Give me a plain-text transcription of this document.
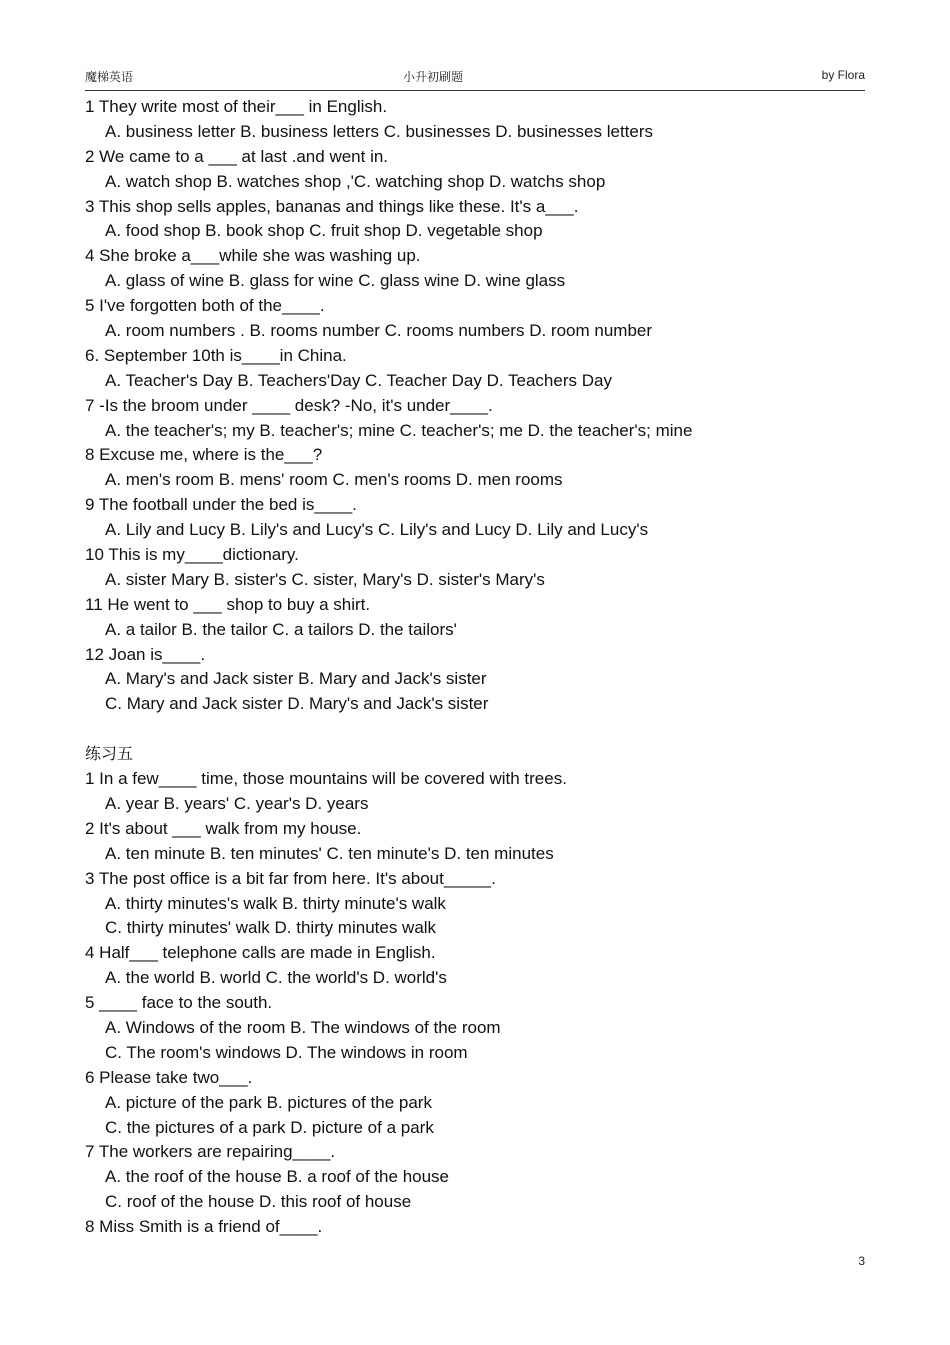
魔梯英语	小升初刷题	by Flora
1 They write most of their___ in English.
A. business letter B. business letters C. businesses D. businesses letters
2 We came to a ___ at last .and went in.
A. watch shop B. watches shop ,'C. watching shop D. watchs shop
3 This shop sells apples, bananas and things like these. It's a___.
A. food shop B. book shop C. fruit shop D. vegetable shop
4 She broke a___while she was washing up.
A. glass of wine B. glass for wine C. glass wine D. wine glass
5 I've forgotten both of the____.
A. room numbers . B. rooms number C. rooms numbers D. room number
6. September 10th is____in China.
A. Teacher's Day B. Teachers'Day C. Teacher Day D. Teachers Day
7 -Is the broom under ____ desk? -No, it's under____.
A. the teacher's; my B. teacher's; mine C. teacher's; me D. the teacher's; mine
8 Excuse me, where is the___?
A. men's room B. mens' room C. men's rooms D. men rooms
9 The football under the bed is____.
A. Lily and Lucy B. Lily's and Lucy's C. Lily's and Lucy D. Lily and Lucy's
10 This is my____dictionary.
A. sister Mary B. sister's C. sister, Mary's D. sister's Mary's
11 He went to ___ shop to buy a shirt.
A. a tailor B. the tailor C. a tailors D. the tailors'
12 Joan is____.
A. Mary's and Jack sister B. Mary and Jack's sister
C. Mary and Jack sister D. Mary's and Jack's sister
练习五
1 In a few____ time, those mountains will be covered with trees.
A. year B. years' C. year's D. years
2 It's about ___ walk from my house.
A. ten minute B. ten minutes' C. ten minute's D. ten minutes
3 The post office is a bit far from here. It's about_____.
A. thirty minutes's walk B. thirty minute's walk
C. thirty minutes' walk D. thirty minutes walk
4 Half___ telephone calls are made in English.
A. the world B. world C. the world's D. world's
5 ____ face to the south.
A. Windows of the room B. The windows of the room
C. The room's windows D. The windows in room
6 Please take two___.
A. picture of the park B. pictures of the park
C. the pictures of a park D. picture of a park
7 The workers are repairing____.
A. the roof of the house B. a roof of the house
C. roof of the house D. this roof of house
8 Miss Smith is a friend of____.
3
